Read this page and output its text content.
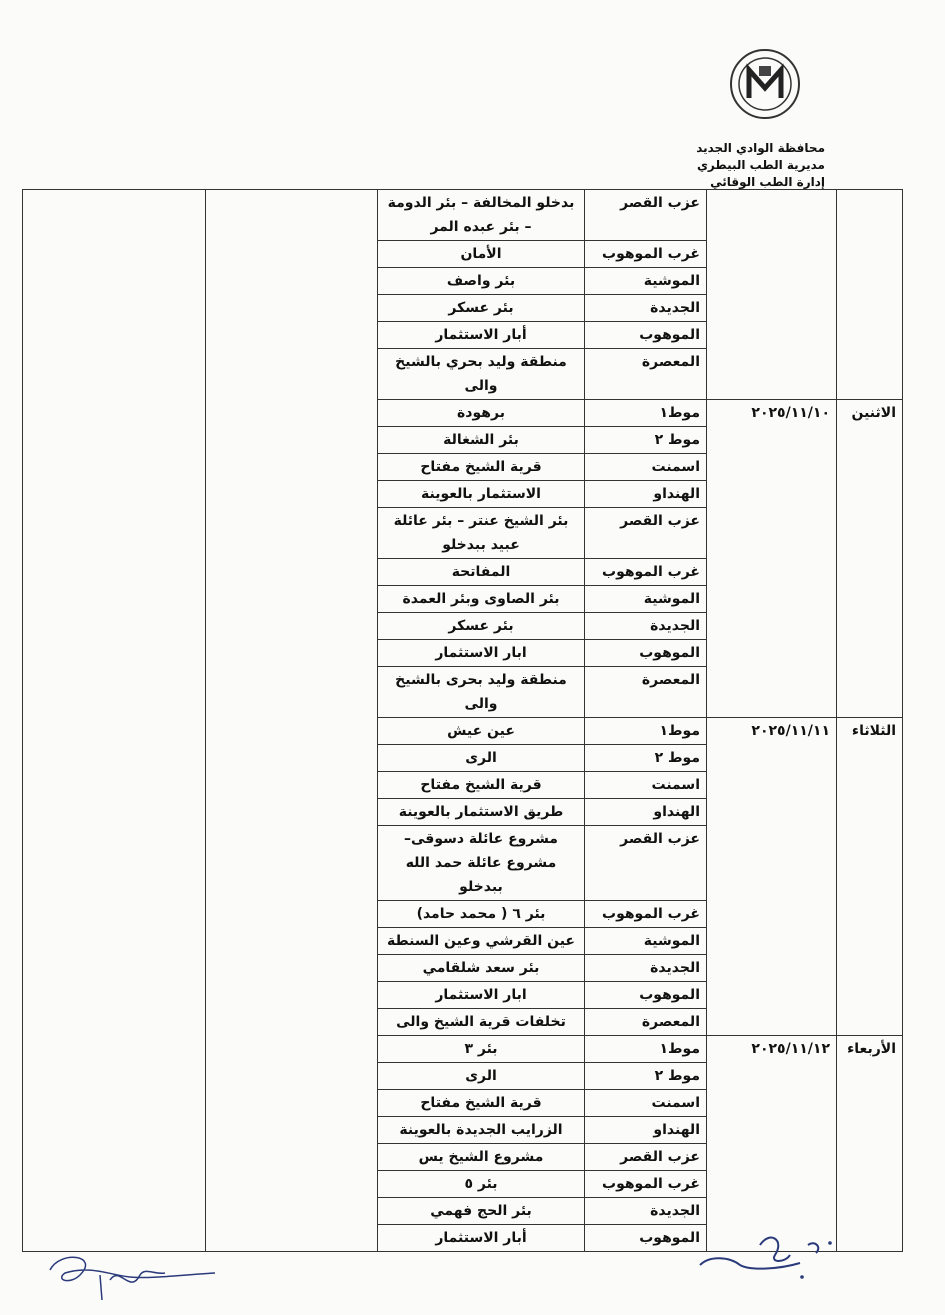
محافظة الوادي الجديد
مديرية الطب البيطري
إدارة الطب الوقائي
		عزب القصر	بدخلو المخالفة – بئر الدومة – بئر عبده المر		
		غرب الموهوب	الأمان		
		الموشية	بئر واصف		
		الجديدة	بئر عسكر		
		الموهوب	أبار الاستثمار		
		المعصرة	منطقة وليد بحري بالشيخ والى		
الاثنين	٢٠٢٥/١١/١٠	موط١	برهودة		
		موط ٢	بئر الشغالة		
		اسمنت	قرية الشيخ مفتاح		
		الهنداو	الاستثمار بالعوينة		
		عزب القصر	بئر الشيخ عنتر – بئر عائلة عبيد ببدخلو		
		غرب الموهوب	المفاتحة		
		الموشية	بئر الصاوى وبئر العمدة		
		الجديدة	بئر عسكر		
		الموهوب	ابار الاستثمار		
		المعصرة	منطقة وليد بحرى بالشيخ والى		
الثلاثاء	٢٠٢٥/١١/١١	موط١	عين عيش		
		موط ٢	الرى		
		اسمنت	قرية الشيخ مفتاح		
		الهنداو	طريق الاستثمار بالعوينة		
		عزب القصر	مشروع عائلة دسوقى– مشروع عائلة حمد الله ببدخلو		
		غرب الموهوب	بئر ٦ ( محمد حامد)		
		الموشية	عين القرشي وعين السنطة		
		الجديدة	بئر سعد شلقامي		
		الموهوب	ابار الاستثمار		
		المعصرة	تخلفات قرية الشيخ والى		
الأربعاء	٢٠٢٥/١١/١٢	موط١	بئر ٣		
		موط ٢	الرى		
		اسمنت	قرية الشيخ مفتاح		
		الهنداو	الزرايب الجديدة بالعوينة		
		عزب القصر	مشروع الشيخ يس		
		غرب الموهوب	بئر ٥		
		الجديدة	بئر الحج فهمي		
		الموهوب	أبار الاستثمار		
